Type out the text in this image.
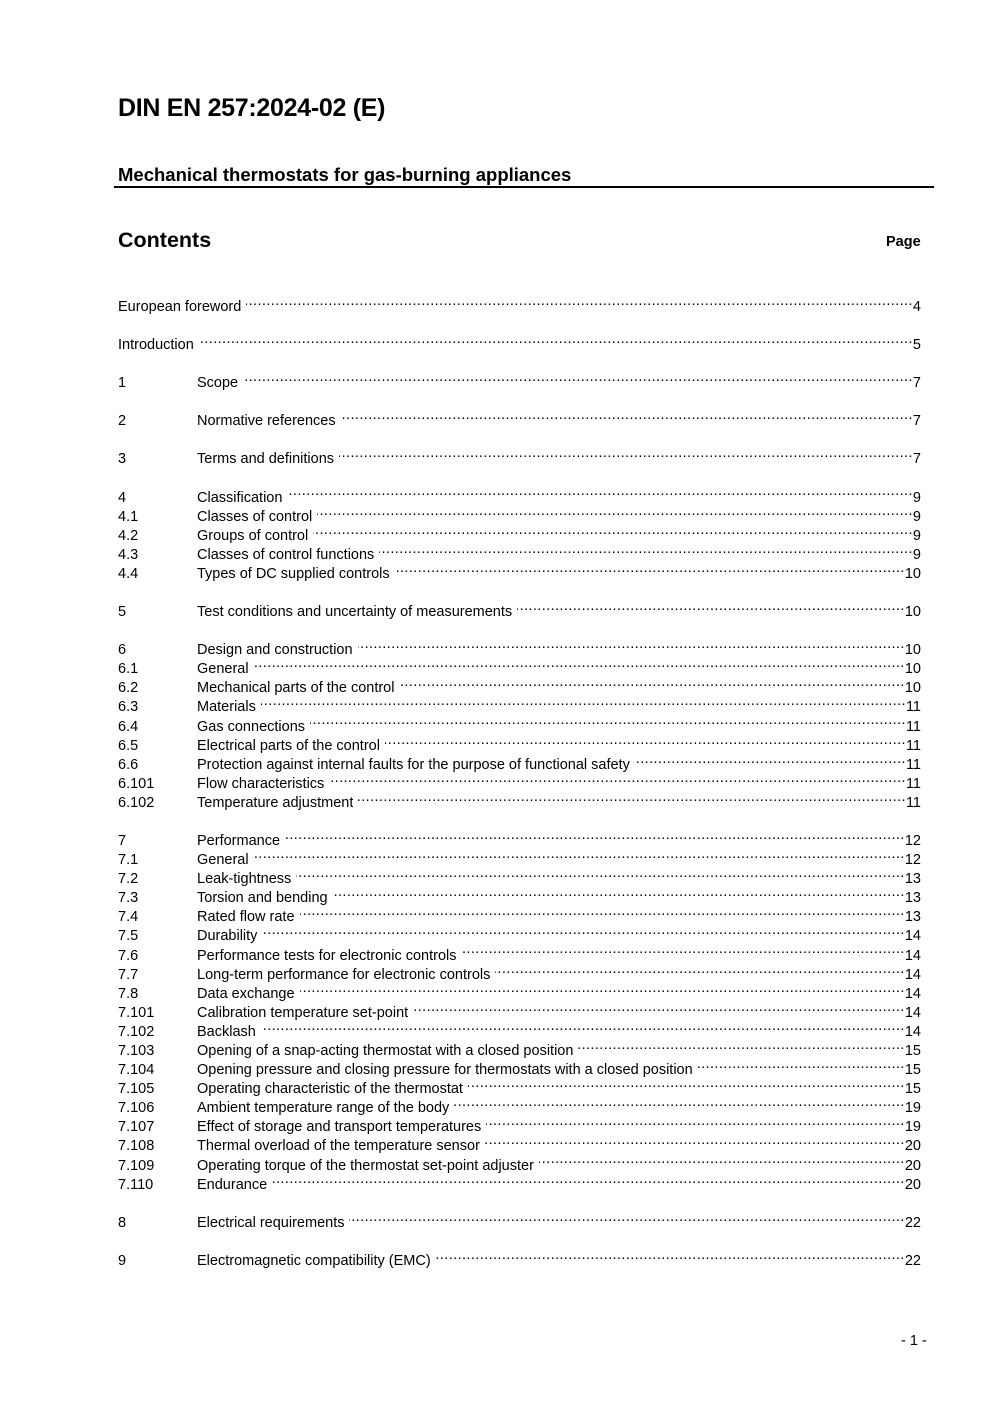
DIN EN 257:2024-02 (E)
Mechanical thermostats for gas-burning appliances
Contents	Page
European foreword .....	4
Introduction .....	5
1	Scope .....	7
2	Normative references .....	7
3	Terms and definitions .....	7
4	Classification .....	9
4.1	Classes of control .....	9
4.2	Groups of control .....	9
4.3	Classes of control functions .....	9
4.4	Types of DC supplied controls .....	10
5	Test conditions and uncertainty of measurements .....	10
6	Design and construction .....	10
6.1	General .....	10
6.2	Mechanical parts of the control .....	10
6.3	Materials .....	11
6.4	Gas connections .....	11
6.5	Electrical parts of the control .....	11
6.6	Protection against internal faults for the purpose of functional safety .....	11
6.101	Flow characteristics .....	11
6.102	Temperature adjustment .....	11
7	Performance .....	12
7.1	General .....	12
7.2	Leak-tightness .....	13
7.3	Torsion and bending .....	13
7.4	Rated flow rate .....	13
7.5	Durability .....	14
7.6	Performance tests for electronic controls .....	14
7.7	Long-term performance for electronic controls .....	14
7.8	Data exchange .....	14
7.101	Calibration temperature set-point .....	14
7.102	Backlash .....	14
7.103	Opening of a snap-acting thermostat with a closed position .....	15
7.104	Opening pressure and closing pressure for thermostats with a closed position .....	15
7.105	Operating characteristic of the thermostat .....	15
7.106	Ambient temperature range of the body .....	19
7.107	Effect of storage and transport temperatures .....	19
7.108	Thermal overload of the temperature sensor .....	20
7.109	Operating torque of the thermostat set-point adjuster .....	20
7.110	Endurance .....	20
8	Electrical requirements .....	22
9	Electromagnetic compatibility (EMC) .....	22
- 1 -
